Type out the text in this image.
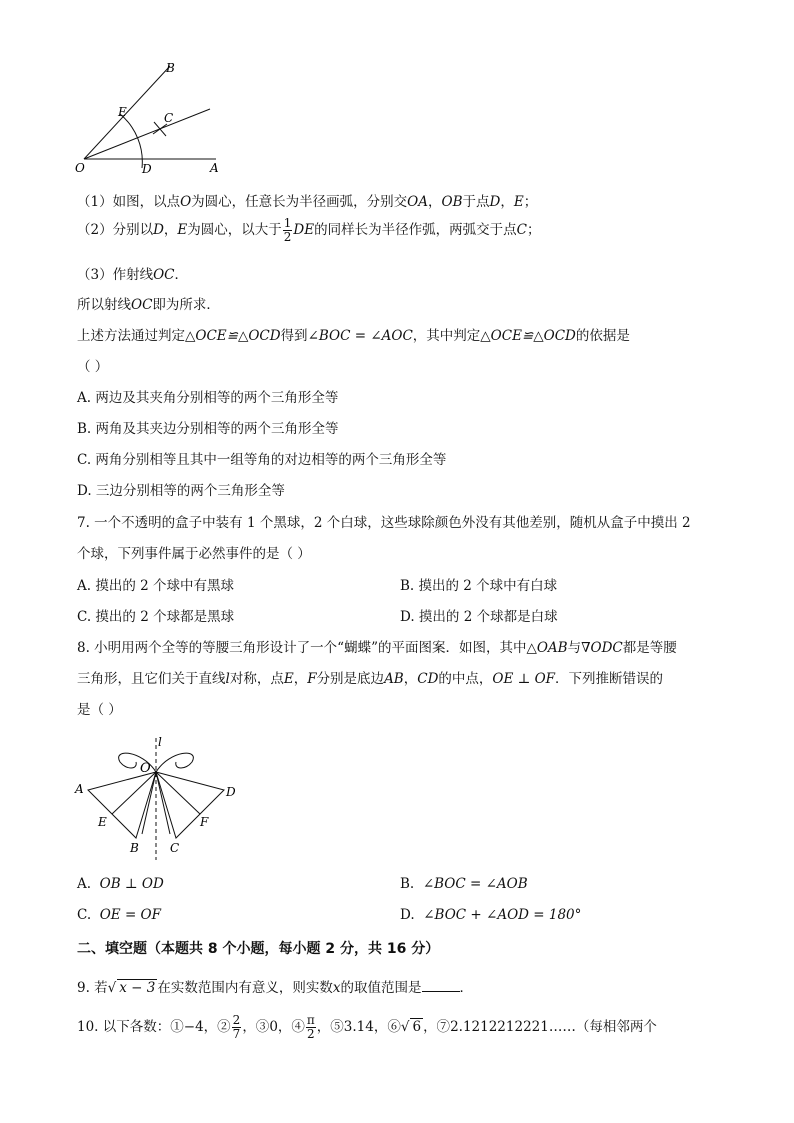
B
E	C
O	D	A
（1）如图，以点O为圆心，任意长为半径画弧，分别交OA，OB于点D，E；
（2）分别以D，E为圆心，以大于 $\frac{1}{2}$ DE的同样长为半径作弧，两弧交于点C；
（3）作射线OC．
所以射线OC即为所求．
上述方法通过判定△OCE≌△OCD得到∠BOC = ∠AOC，其中判定△OCE≌△OCD的依据是
（ ）
A. 两边及其夹角分别相等的两个三角形全等
B. 两角及其夹边分别相等的两个三角形全等
C. 两角分别相等且其中一组等角的对边相等的两个三角形全等
D. 三边分别相等的两个三角形全等
7. 一个不透明的盒子中装有 1 个黑球，2 个白球，这些球除颜色外没有其他差别，随机从盒子中摸出 2
个球，下列事件属于必然事件的是（ ）
A. 摸出的 2 个球中有黑球	B. 摸出的 2 个球中有白球
C. 摸出的 2 个球都是黑球	D. 摸出的 2 个球都是白球
8. 小明用两个全等的等腰三角形设计了一个“蝴蝶”的平面图案．如图，其中△OAB与∇ODC都是等腰
三角形，且它们关于直线l对称，点E，F分别是底边AB，CD的中点，OE ⊥ OF．下列推断错误的
是（ ）
l
O
A	D
E	F
B	C
A. OB ⊥ OD	B. ∠BOC = ∠AOB
C. OE = OF	D. ∠BOC + ∠AOD = 180°
二、填空题（本题共 8 个小题，每小题 2 分，共 16 分）
9. 若√ x − 3 在实数范围内有意义，则实数x的取值范围是	．
10. 以下各数：①−4，② $\frac{2}{7}$ ，③0，④ $\frac{\pi}{2}$ ，⑤3.14，⑥√ 6 ，⑦2.1212212221……（每相邻两个
